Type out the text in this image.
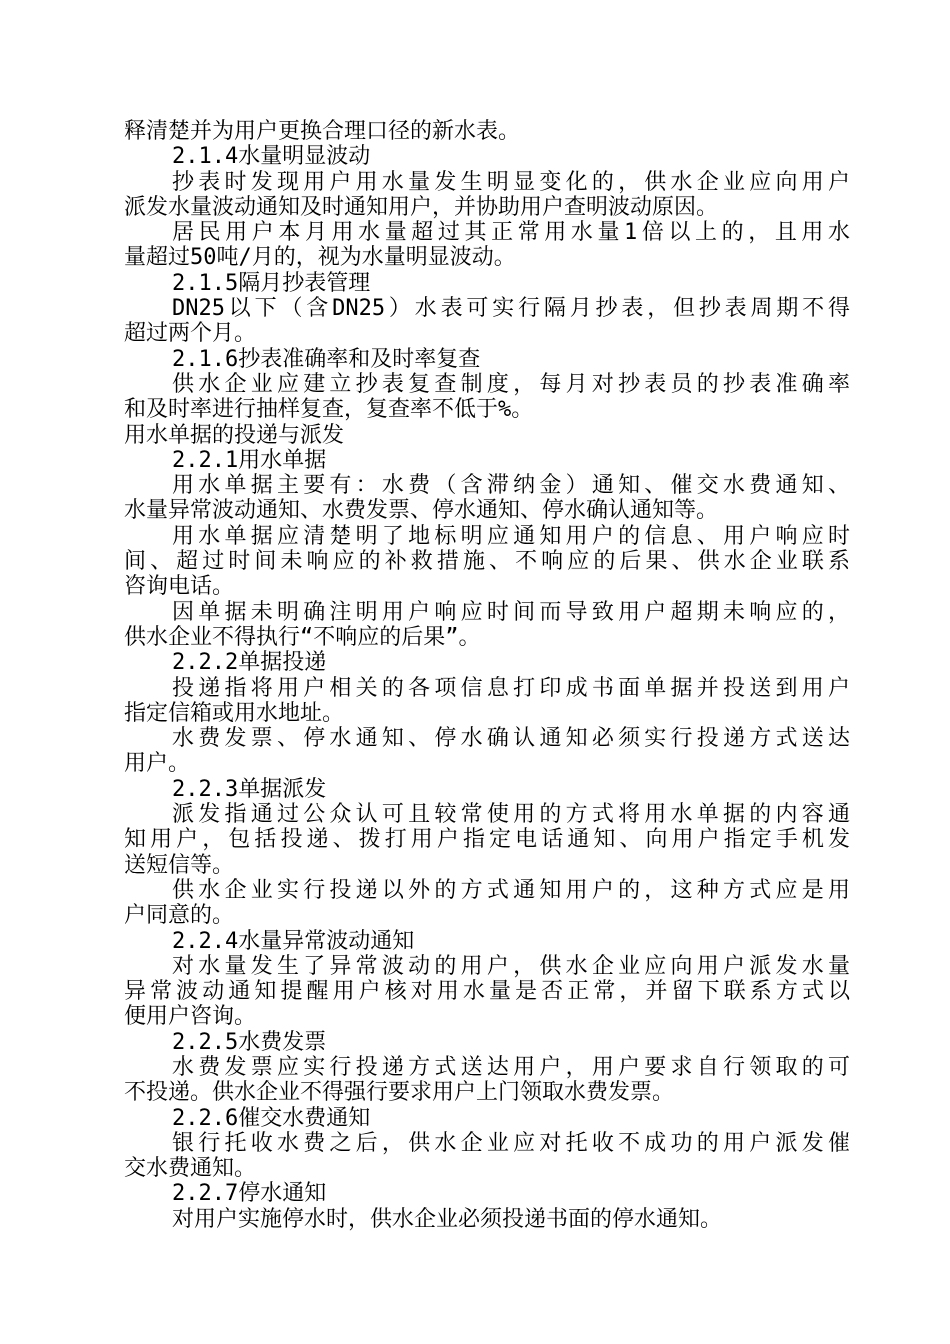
释清楚并为用户更换合理口径的新水表。
2.1.4水量明显波动
抄表时发现用户用水量发生明显变化的，供水企业应向用户
派发水量波动通知及时通知用户，并协助用户查明波动原因。
居民用户本月用水量超过其正常用水量1倍以上的，且用水
量超过50吨/月的，视为水量明显波动。
2.1.5隔月抄表管理
DN25以下（含DN25）水表可实行隔月抄表，但抄表周期不得
超过两个月。
2.1.6抄表准确率和及时率复查
供水企业应建立抄表复查制度，每月对抄表员的抄表准确率
和及时率进行抽样复查，复查率不低于%。
用水单据的投递与派发
2.2.1用水单据
用水单据主要有：水费（含滞纳金）通知、催交水费通知、
水量异常波动通知、水费发票、停水通知、停水确认通知等。
用水单据应清楚明了地标明应通知用户的信息、用户响应时
间、超过时间未响应的补救措施、不响应的后果、供水企业联系
咨询电话。
因单据未明确注明用户响应时间而导致用户超期未响应的，
供水企业不得执行“不响应的后果”。
2.2.2单据投递
投递指将用户相关的各项信息打印成书面单据并投送到用户
指定信箱或用水地址。
水费发票、停水通知、停水确认通知必须实行投递方式送达
用户。
2.2.3单据派发
派发指通过公众认可且较常使用的方式将用水单据的内容通
知用户，包括投递、拨打用户指定电话通知、向用户指定手机发
送短信等。
供水企业实行投递以外的方式通知用户的，这种方式应是用
户同意的。
2.2.4水量异常波动通知
对水量发生了异常波动的用户，供水企业应向用户派发水量
异常波动通知提醒用户核对用水量是否正常，并留下联系方式以
便用户咨询。
2.2.5水费发票
水费发票应实行投递方式送达用户，用户要求自行领取的可
不投递。供水企业不得强行要求用户上门领取水费发票。
2.2.6催交水费通知
银行托收水费之后，供水企业应对托收不成功的用户派发催
交水费通知。
2.2.7停水通知
对用户实施停水时，供水企业必须投递书面的停水通知。
